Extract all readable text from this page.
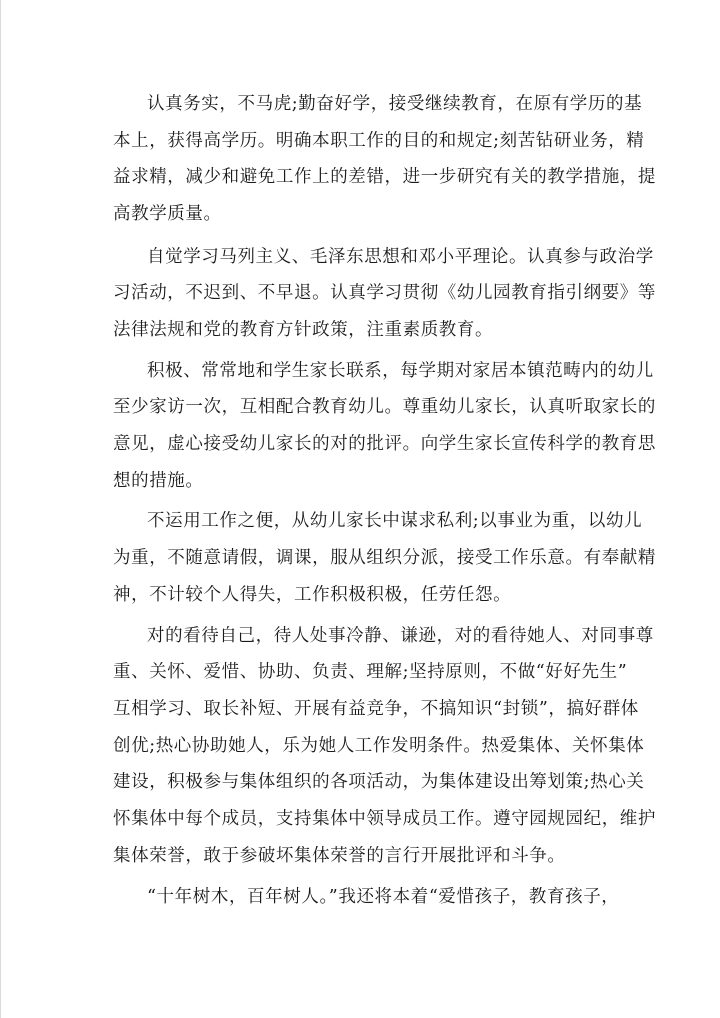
认真务实，不马虎;勤奋好学，接受继续教育，在原有学历的基
本上，获得高学历。明确本职工作的目的和规定;刻苦钻研业务，精
益求精，减少和避免工作上的差错，进一步研究有关的教学措施，提
高教学质量。
自觉学习马列主义、毛泽东思想和邓小平理论。认真参与政治学
习活动，不迟到、不早退。认真学习贯彻《幼儿园教育指引纲要》等
法律法规和党的教育方针政策，注重素质教育。
积极、常常地和学生家长联系，每学期对家居本镇范畴内的幼儿
至少家访一次，互相配合教育幼儿。尊重幼儿家长，认真听取家长的
意见，虚心接受幼儿家长的对的批评。向学生家长宣传科学的教育思
想的措施。
不运用工作之便，从幼儿家长中谋求私利;以事业为重，以幼儿
为重，不随意请假，调课，服从组织分派，接受工作乐意。有奉献精
神，不计较个人得失，工作积极积极，任劳任怨。
对的看待自己，待人处事冷静、谦逊，对的看待她人、对同事尊
重、关怀、爱惜、协助、负责、理解;坚持原则，不做“好好先生”
互相学习、取长补短、开展有益竞争，不搞知识“封锁”，搞好群体
创优;热心协助她人，乐为她人工作发明条件。热爱集体、关怀集体
建设，积极参与集体组织的各项活动，为集体建设出筹划策;热心关
怀集体中每个成员，支持集体中领导成员工作。遵守园规园纪，维护
集体荣誉，敢于参破坏集体荣誉的言行开展批评和斗争。
“十年树木，百年树人。”我还将本着“爱惜孩子，教育孩子，
